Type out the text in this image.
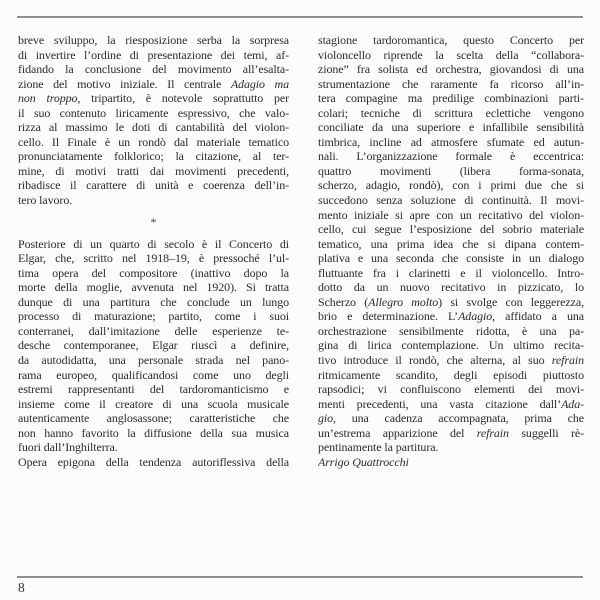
breve sviluppo, la riesposizione serba la sorpresa
di invertire l’ordine di presentazione dei temi, af-
fidando la conclusione del movimento all’esalta-
zione del motivo iniziale. Il centrale Adagio ma
non troppo, tripartito, è notevole soprattutto per
il suo contenuto liricamente espressivo, che valo-
rizza al massimo le doti di cantabilità del violon-
cello. Il Finale è un rondò dal materiale tematico
pronunciatamente folklorico; la citazione, al ter-
mine, di motivi tratti dai movimenti precedenti,
ribadisce il carattere di unità e coerenza dell’in-
tero lavoro.
*
Posteriore di un quarto di secolo è il Concerto di
Elgar, che, scritto nel 1918–19, è pressoché l’ul-
tima opera del compositore (inattivo dopo la
morte della moglie, avvenuta nel 1920). Si tratta
dunque di una partitura che conclude un lungo
processo di maturazione; partito, come i suoi
conterranei, dall’imitazione delle esperienze te-
desche contemporanee, Elgar riuscì a definire,
da autodidatta, una personale strada nel pano-
rama europeo, qualificandosi come uno degli
estremi rappresentanti del tardoromanticismo e
insieme come il creatore di una scuola musicale
autenticamente anglosassone; caratteristiche che
non hanno favorito la diffusione della sua musica
fuori dall’Inghilterra.
Opera epigona della tendenza autoriflessiva della
stagione tardoromantica, questo Concerto per
violoncello riprende la scelta della “collabora-
zione” fra solista ed orchestra, giovandosi di una
strumentazione che raramente fa ricorso all’in-
tera compagine ma predilige combinazioni parti-
colari; tecniche di scrittura eclettiche vengono
conciliate da una superiore e infallibile sensibilità
timbrica, incline ad atmosfere sfumate ed autun-
nali. L’organizzazione formale è eccentrica:
quattro movimenti (libera forma-sonata,
scherzo, adagio, rondò), con i primi due che si
succedono senza soluzione di continuità. Il movi-
mento iniziale si apre con un recitativo del violon-
cello, cui segue l’esposizione del sobrio materiale
tematico, una prima idea che si dipana contem-
plativa e una seconda che consiste in un dialogo
fluttuante fra i clarinetti e il violoncello. Intro-
dotto da un nuovo recitativo in pizzicato, lo
Scherzo (Allegro molto) si svolge con leggerezza,
brio e determinazione. L’Adagio, affidato a una
orchestrazione sensibilmente ridotta, è una pa-
gina di lirica contemplazione. Un ultimo recita-
tivo introduce il rondò, che alterna, al suo refrain
ritmicamente scandito, degli episodi piuttosto
rapsodici; vi confluiscono elementi dei movi-
menti precedenti, una vasta citazione dall’Ada-
gio, una cadenza accompagnata, prima che
un’estrema apparizione del refrain suggelli rè-
pentinamente la partitura.
Arrigo Quattrocchi
8
